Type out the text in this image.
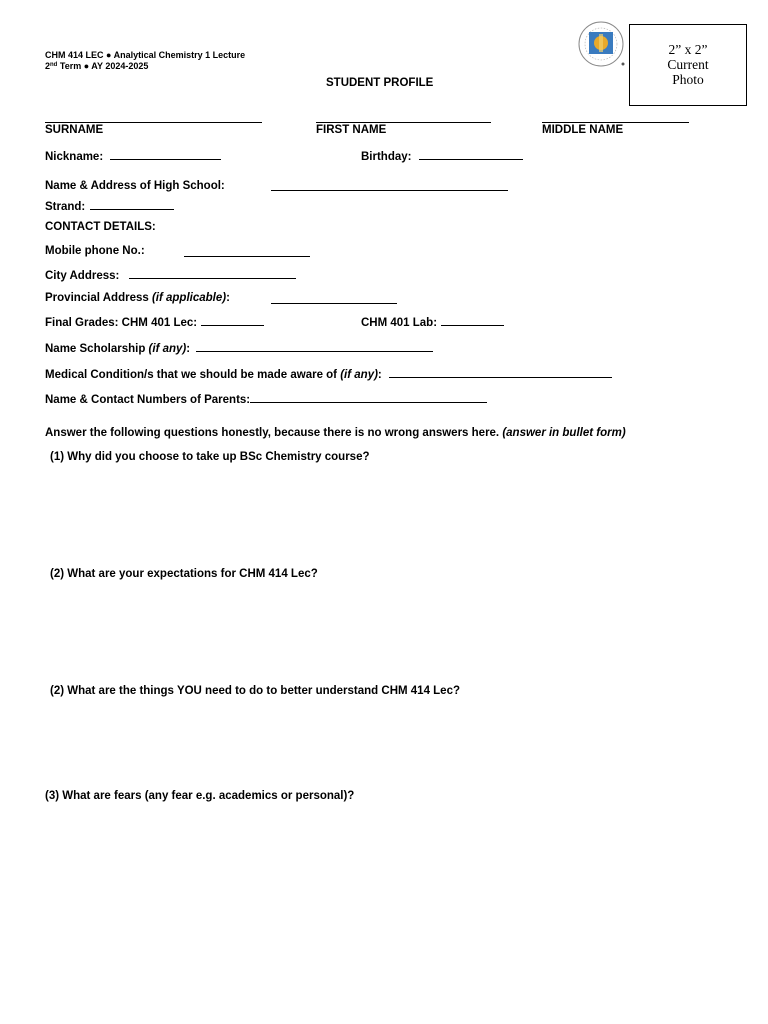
CHM 414 LEC ● Analytical Chemistry 1 Lecture
2nd Term ● AY 2024-2025
2” x 2”
Current
Photo
STUDENT PROFILE
SURNAME	FIRST NAME	MIDDLE NAME
Nickname:	Birthday:
Name & Address of High School:
Strand:
CONTACT DETAILS:
Mobile phone No.:
City Address:
Provincial Address (if applicable):
Final Grades: CHM 401 Lec:	CHM 401 Lab:
Name Scholarship (if any):
Medical Condition/s that we should be made aware of (if any):
Name & Contact Numbers of Parents:
Answer the following questions honestly, because there is no wrong answers here. (answer in bullet form)
(1) Why did you choose to take up BSc Chemistry course?
(2) What are your expectations for CHM 414 Lec?
(2) What are the things YOU need to do to better understand CHM 414 Lec?
(3) What are fears (any fear e.g. academics or personal)?
